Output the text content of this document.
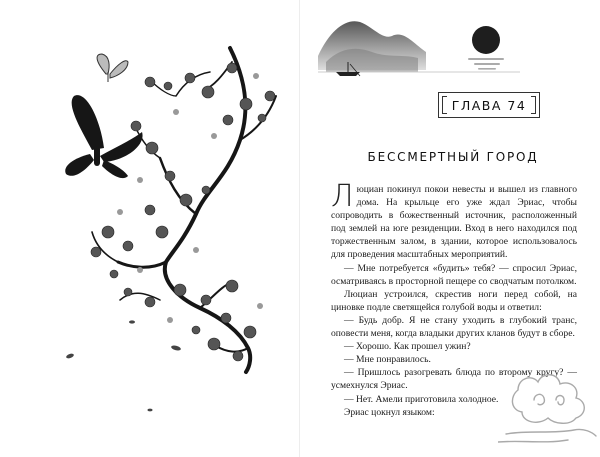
ГЛАВА 74
БЕССМЕРТНЫЙ ГОРОД

Люциан покинул покои невесты и вышел из главного дома. На крыльце его уже ждал Эриас, чтобы сопроводить в божественный источник, расположенный под землей на юге резиденции. Вход в него находился под торжественным залом, в здании, которое использовалось для проведения масштабных мероприятий.

— Мне потребуется «будить» тебя? — спросил Эриас, осматриваясь в просторной пещере со сводчатым потолком.

Люциан устроился, скрестив ноги перед собой, на циновке подле светящейся голубой воды и ответил:

— Будь добр. Я не стану уходить в глубокий транс, оповести меня, когда владыки других кланов будут в сборе.

— Хорошо. Как прошел ужин?

— Мне понравилось.

— Пришлось разогревать блюда по второму кругу? — усмехнулся Эриас.

— Нет. Амели приготовила холодное.

Эриас цокнул языком:
